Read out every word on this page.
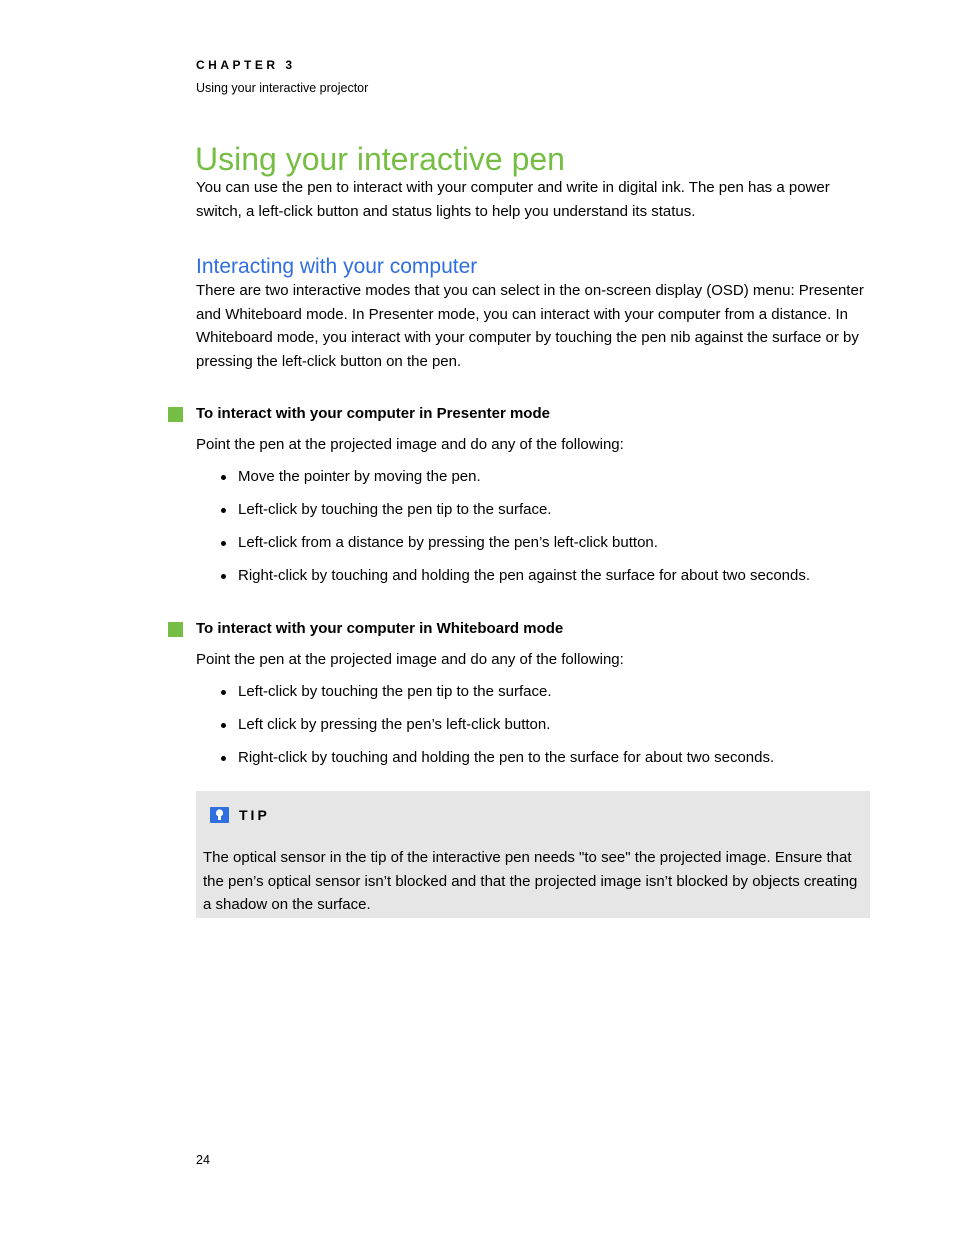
CHAPTER 3
Using your interactive projector
Using your interactive pen

You can use the pen to interact with your computer and write in digital ink. The pen has a power switch, a left-click button and status lights to help you understand its status.

Interacting with your computer

There are two interactive modes that you can select in the on-screen display (OSD) menu: Presenter and Whiteboard mode. In Presenter mode, you can interact with your computer from a distance. In Whiteboard mode, you interact with your computer by touching the pen nib against the surface or by pressing the left-click button on the pen.

To interact with your computer in Presenter mode

Point the pen at the projected image and do any of the following:

Move the pointer by moving the pen.
Left-click by touching the pen tip to the surface.
Left-click from a distance by pressing the pen’s left-click button.
Right-click by touching and holding the pen against the surface for about two seconds.
To interact with your computer in Whiteboard mode

Point the pen at the projected image and do any of the following:

Left-click by touching the pen tip to the surface.
Left click by pressing the pen’s left-click button.
Right-click by touching and holding the pen to the surface for about two seconds.
TIP

The optical sensor in the tip of the interactive pen needs "to see" the projected image. Ensure that the pen’s optical sensor isn’t blocked and that the projected image isn’t blocked by objects creating a shadow on the surface.

24
